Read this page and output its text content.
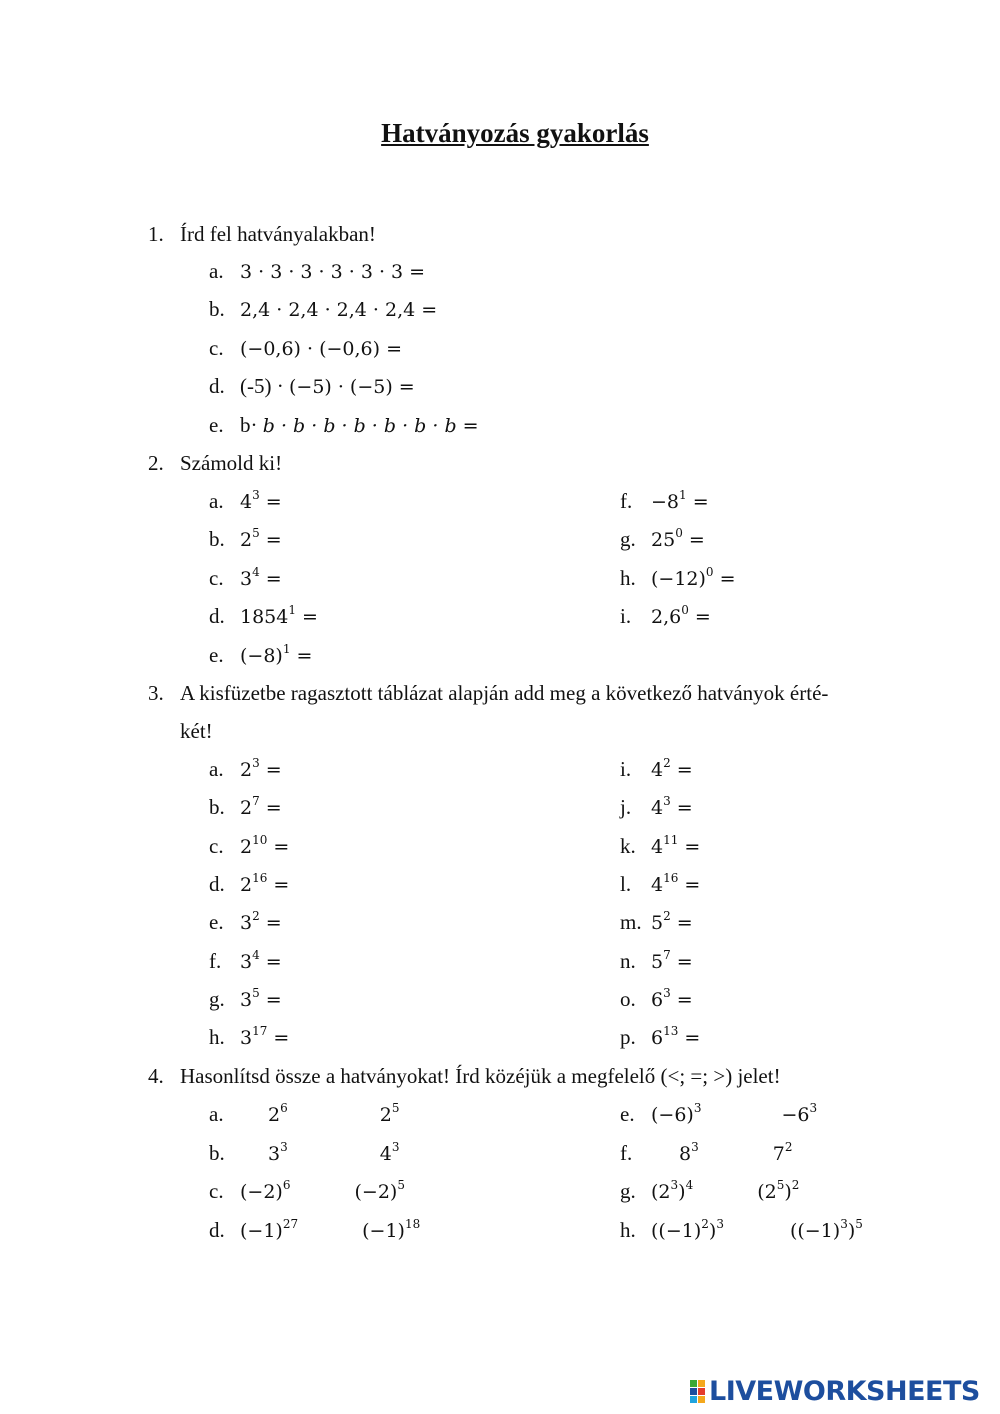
Hatványozás gyakorlás
1. Írd fel hatványalakban!
a. 3 · 3 · 3 · 3 · 3 · 3 =
b. 2,4 · 2,4 · 2,4 · 2,4 =
c. (−0,6) · (−0,6) =
d. (-5) · (−5) · (−5) =
e. b· b · b · b · b · b · b · b =
2. Számold ki!
a. $4^3$ =
b. $2^5$ =
c. $3^4$ =
d. $1854^1$ =
e. $(-8)^1$ =
f. $-8^1$ =
g. $25^0$ =
h. $(-12)^0$ =
i. $2,6^0$ =
3. A kisfüzetbe ragasztott táblázat alapján add meg a következő hatványok érté-
két!
a. $2^3$ =
b. $2^7$ =
c. $2^{10}$ =
d. $2^{16}$ =
e. $3^2$ =
f. $3^4$ =
g. $3^5$ =
h. $3^{17}$ =
i. $4^2$ =
j. $4^3$ =
k. $4^{11}$ =
l. $4^{16}$ =
m. $5^2$ =
n. $5^7$ =
o. $6^3$ =
p. $6^{13}$ =
4. Hasonlítsd össze a hatványokat! Írd közéjük a megfelelő (<; =; >) jelet!
a. $2^6$	$2^5$
b. $3^3$	$4^3$
c. $(-2)^6$	$(-2)^5$
d. $(-1)^{27}$	$(-1)^{18}$
e. $(-6)^3$	$-6^3$
f. $8^3$	$7^2$
g. $(2^3)^4$	$(2^5)^2$
h. $((-1)^2)^3$	$((-1)^3)^5$
LIVEWORKSHEETS
